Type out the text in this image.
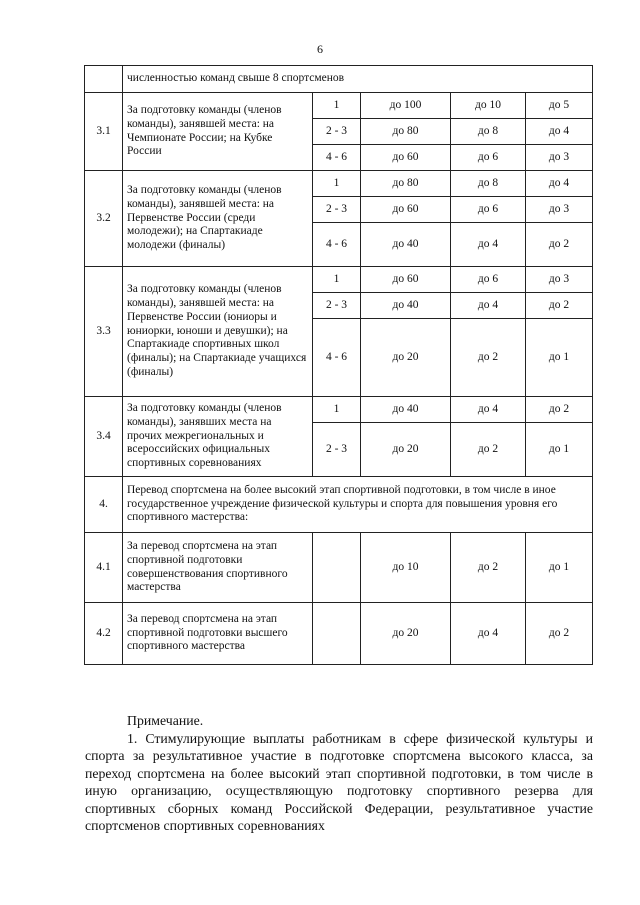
6
	численностью команд свыше 8 спортсменов				
3.1	За подготовку команды (членов команды), занявшей места: на Чемпионате России; на Кубке России	1	до 100	до 10	до 5
		2 - 3	до 80	до 8	до 4
		4 - 6	до 60	до 6	до 3
3.2	За подготовку команды (членов команды), занявшей места: на Первенстве России (среди молодежи); на Спартакиаде молодежи (финалы)	1	до 80	до 8	до 4
		2 - 3	до 60	до 6	до 3
		4 - 6	до 40	до 4	до 2
3.3	За подготовку команды (членов команды), занявшей места: на Первенстве России (юниоры и юниорки, юноши и девушки); на Спартакиаде спортивных школ (финалы); на Спартакиаде учащихся (финалы)	1	до 60	до 6	до 3
		2 - 3	до 40	до 4	до 2
		4 - 6	до 20	до 2	до 1
3.4	За подготовку команды (членов команды), занявших места на прочих межрегиональных и всероссийских официальных спортивных соревнованиях	1	до 40	до 4	до 2
		2 - 3	до 20	до 2	до 1
4.	Перевод спортсмена на более высокий этап спортивной подготовки, в том числе в иное государственное учреждение физической культуры и спорта для повышения уровня его спортивного мастерства:				
4.1	За перевод спортсмена на этап спортивной подготовки совершенствования спортивного мастерства		до 10	до 2	до 1
4.2	За перевод спортсмена на этап спортивной подготовки высшего спортивного мастерства		до 20	до 4	до 2
Примечание.
1. Стимулирующие выплаты работникам в сфере физической культуры и спорта за результативное участие в подготовке спортсмена высокого класса, за переход спортсмена на более высокий этап спортивной подготовки, в том числе в иную организацию, осуществляющую подготовку спортивного резерва для спортивных сборных команд Российской Федерации, результативное участие спортсменов спортивных соревнованиях
